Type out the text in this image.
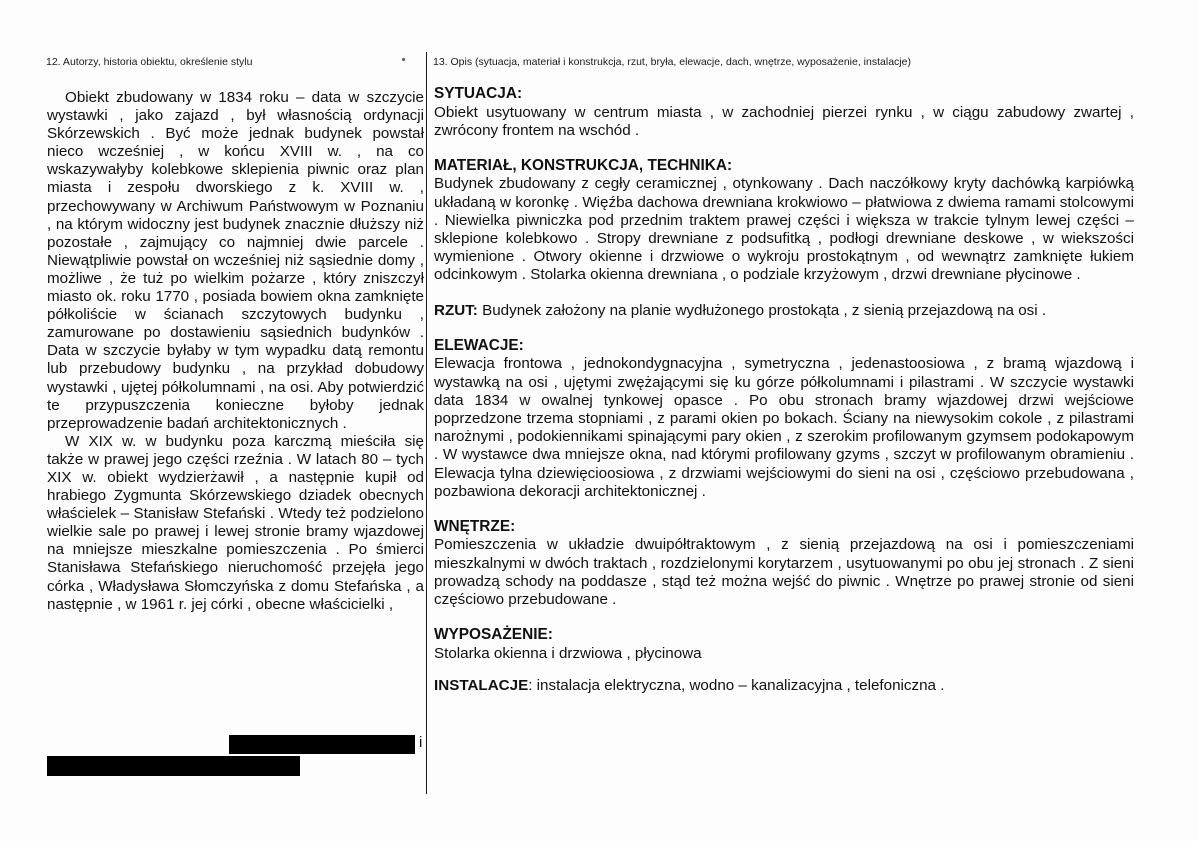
12. Autorzy, historia obiektu, określenie stylu	13. Opis (sytuacja, materiał i konstrukcja, rzut, bryła, elewacje, dach, wnętrze, wyposażenie, instalacje)

Obiekt zbudowany w 1834 roku – data w szczycie wystawki , jako zajazd , był własnością ordynacji Skórzewskich . Być może jednak budynek powstał nieco wcześniej , w końcu XVIII w. , na co wskazywałyby kolebkowe sklepienia piwnic oraz plan miasta i zespołu dworskiego z k. XVIII w. , przechowywany w Archiwum Państwowym w Poznaniu , na którym widoczny jest budynek znacznie dłuższy niż pozostałe , zajmujący co najmniej dwie parcele . Niewątpliwie powstał on wcześniej niż sąsiednie domy , możliwe , że tuż po wielkim pożarze , który zniszczył miasto ok. roku 1770 , posiada bowiem okna zamknięte półkoliście w ścianach szczytowych budynku , zamurowane po dostawieniu sąsiednich budynków . Data w szczycie byłaby w tym wypadku datą remontu lub przebudowy budynku , na przykład dobudowy wystawki , ujętej półkolumnami , na osi. Aby potwierdzić te przypuszczenia konieczne byłoby jednak przeprowadzenie badań architektonicznych .

W XIX w. w budynku poza karczmą mieściła się także w prawej jego części rzeźnia . W latach 80 – tych XIX w. obiekt wydzierżawił , a następnie kupił od hrabiego Zygmunta Skórzewskiego dziadek obecnych właścielek – Stanisław Stefański . Wtedy też podzielono wielkie sale po prawej i lewej stronie bramy wjazdowej na mniejsze mieszkalne pomieszczenia . Po śmierci Stanisława Stefańskiego nieruchomość przejęła jego córka , Władysława Słomczyńska z domu Stefańska , a następnie , w 1961 r. jej córki , obecne właścicielki ,

i

SYTUACJA:

Obiekt usytuowany w centrum miasta , w zachodniej pierzei rynku , w ciągu zabudowy zwartej , zwrócony frontem na wschód .

MATERIAŁ, KONSTRUKCJA, TECHNIKA:

Budynek zbudowany z cegły ceramicznej , otynkowany . Dach naczółkowy kryty dachówką karpiówką układaną w koronkę . Więźba dachowa drewniana krokwiowo – płatwiowa z dwiema ramami stolcowymi . Niewielka piwniczka pod przednim traktem prawej części i większa w trakcie tylnym lewej części – sklepione kolebkowo . Stropy drewniane z podsufitką , podłogi drewniane deskowe , w wiekszości wymienione . Otwory okienne i drzwiowe o wykroju prostokątnym , od wewnątrz zamknięte łukiem odcinkowym . Stolarka okienna drewniana , o podziale krzyżowym , drzwi drewniane płycinowe .

RZUT: Budynek założony na planie wydłużonego prostokąta , z sienią przejazdową na osi .

ELEWACJE:

Elewacja frontowa , jednokondygnacyjna , symetryczna , jedenastoosiowa , z bramą wjazdową i wystawką na osi , ujętymi zwężającymi się ku górze półkolumnami i pilastrami . W szczycie wystawki data 1834 w owalnej tynkowej opasce . Po obu stronach bramy wjazdowej drzwi wejściowe poprzedzone trzema stopniami , z parami okien po bokach. Ściany na niewysokim cokole , z pilastrami narożnymi , podokiennikami spinającymi pary okien , z szerokim profilowanym gzymsem podokapowym . W wystawce dwa mniejsze okna, nad którymi profilowany gzyms , szczyt w profilowanym obramieniu . Elewacja tylna dziewięcioosiowa , z drzwiami wejściowymi do sieni na osi , częściowo przebudowana , pozbawiona dekoracji architektonicznej .

WNĘTRZE:

Pomieszczenia w układzie dwuipółtraktowym , z sienią przejazdową na osi i pomieszczeniami mieszkalnymi w dwóch traktach , rozdzielonymi korytarzem , usytuowanymi po obu jej stronach . Z sieni prowadzą schody na poddasze , stąd też można wejść do piwnic . Wnętrze po prawej stronie od sieni częściowo przebudowane .

WYPOSAŻENIE:

Stolarka okienna i drzwiowa , płycinowa

INSTALACJE: instalacja elektryczna, wodno – kanalizacyjna , telefoniczna .
